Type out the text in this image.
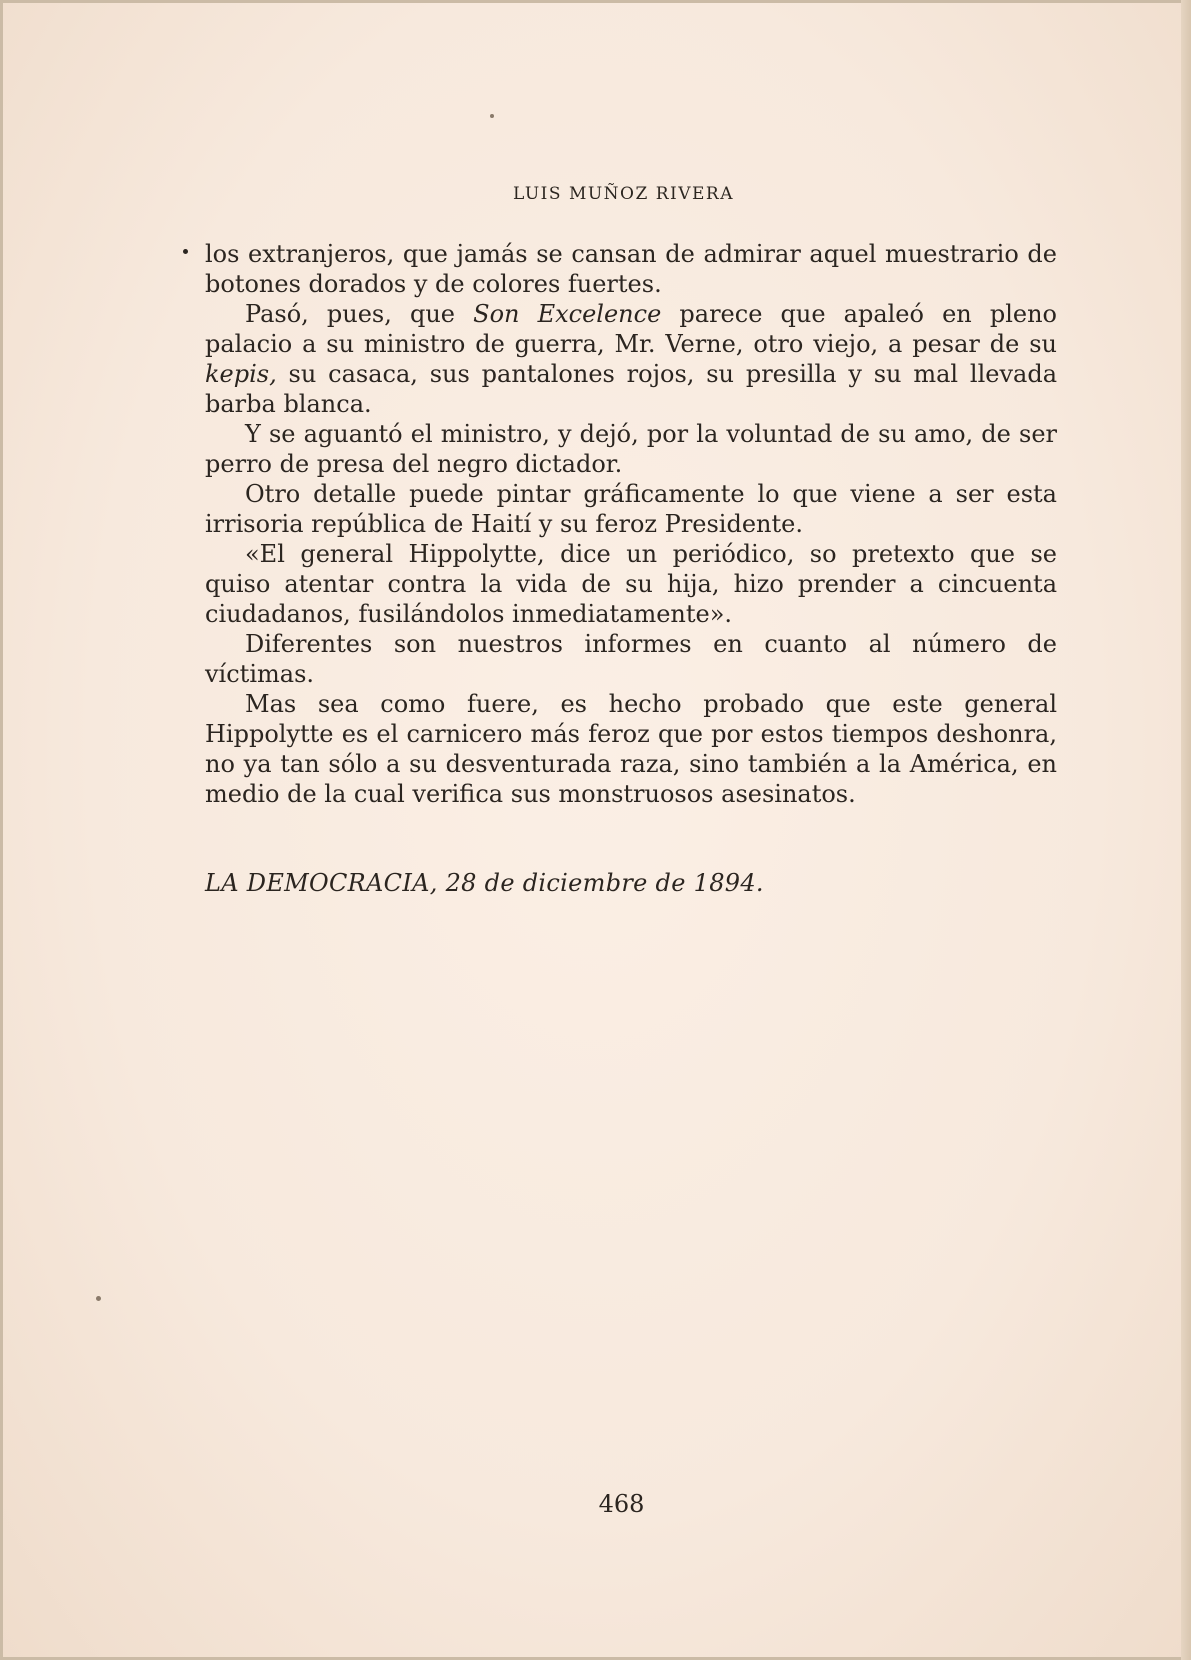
LUIS MUÑOZ RIVERA

los extranjeros, que jamás se cansan de admirar aquel muestrario de botones dorados y de colores fuertes.

Pasó, pues, que Son Excelence parece que apaleó en pleno palacio a su ministro de guerra, Mr. Verne, otro viejo, a pesar de su kepis, su casaca, sus pantalones rojos, su presilla y su mal llevada barba blanca.

Y se aguantó el ministro, y dejó, por la voluntad de su amo, de ser perro de presa del negro dictador.

Otro detalle puede pintar gráficamente lo que viene a ser esta irrisoria república de Haití y su feroz Presidente.

«El general Hippolytte, dice un periódico, so pretexto que se quiso atentar contra la vida de su hija, hizo prender a cincuenta ciudadanos, fusilándolos inmediatamente».

Diferentes son nuestros informes en cuanto al número de víctimas.

Mas sea como fuere, es hecho probado que este general Hippolytte es el carnicero más feroz que por estos tiempos deshonra, no ya tan sólo a su desventurada raza, sino también a la América, en medio de la cual verifica sus monstruosos asesinatos.

LA DEMOCRACIA, 28 de diciembre de 1894.
468
